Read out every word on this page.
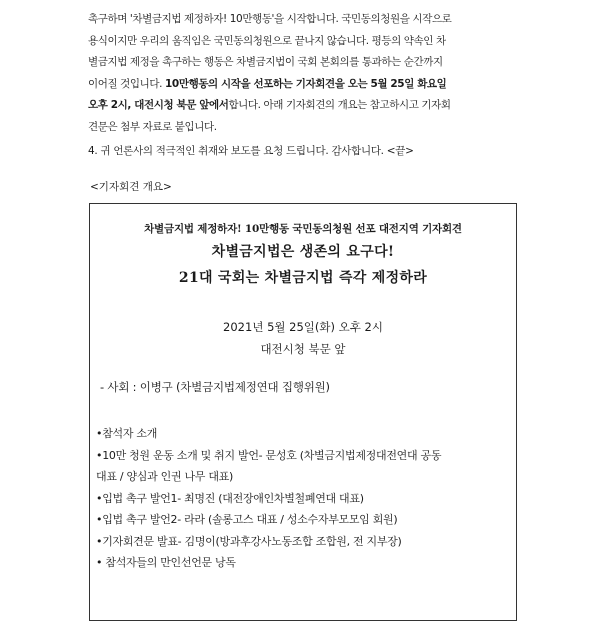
촉구하며 '차별금지법 제정하자! 10만행동'을 시작합니다. 국민동의청원을 시작으로
용식이지만 우리의 움직임은 국민동의청원으로 끝나지 않습니다. 평등의 약속인 차
별금지법 제정을 촉구하는 행동은 차별금지법이 국회 본회의를 통과하는 순간까지
이어질 것입니다. 10만행동의 시작을 선포하는 기자회견을 오는 5월 25일 화요일
오후 2시, 대전시청 북문 앞에서합니다. 아래 기자회견의 개요는 참고하시고 기자회
견문은 첨부 자료로 붙입니다.
4. 귀 언론사의 적극적인 취재와 보도를 요청 드립니다. 감사합니다. <끝>
<기자회견 개요>
차별금지법 제정하자! 10만행동 국민동의청원 선포 대전지역 기자회견
차별금지법은 생존의 요구다!
21대 국회는 차별금지법 즉각 제정하라
2021년 5월 25일(화) 오후 2시
대전시청 북문 앞
- 사회 : 이병구 (차별금지법제정연대 집행위원)
•참석자 소개
•10만 청원 운동 소개 및 취지 발언- 문성호 (차별금지법제정대전연대 공동
대표 / 양심과 인권 나무 대표)
•입법 촉구 발언1- 최명진 (대전장애인차별철폐연대 대표)
•입법 촉구 발언2- 라라 (솔롱고스 대표 / 성소수자부모모임 회원)
•기자회견문 발표- 김명이(방과후강사노동조합 조합원, 전 지부장)
• 참석자들의 만인선언문 낭독
